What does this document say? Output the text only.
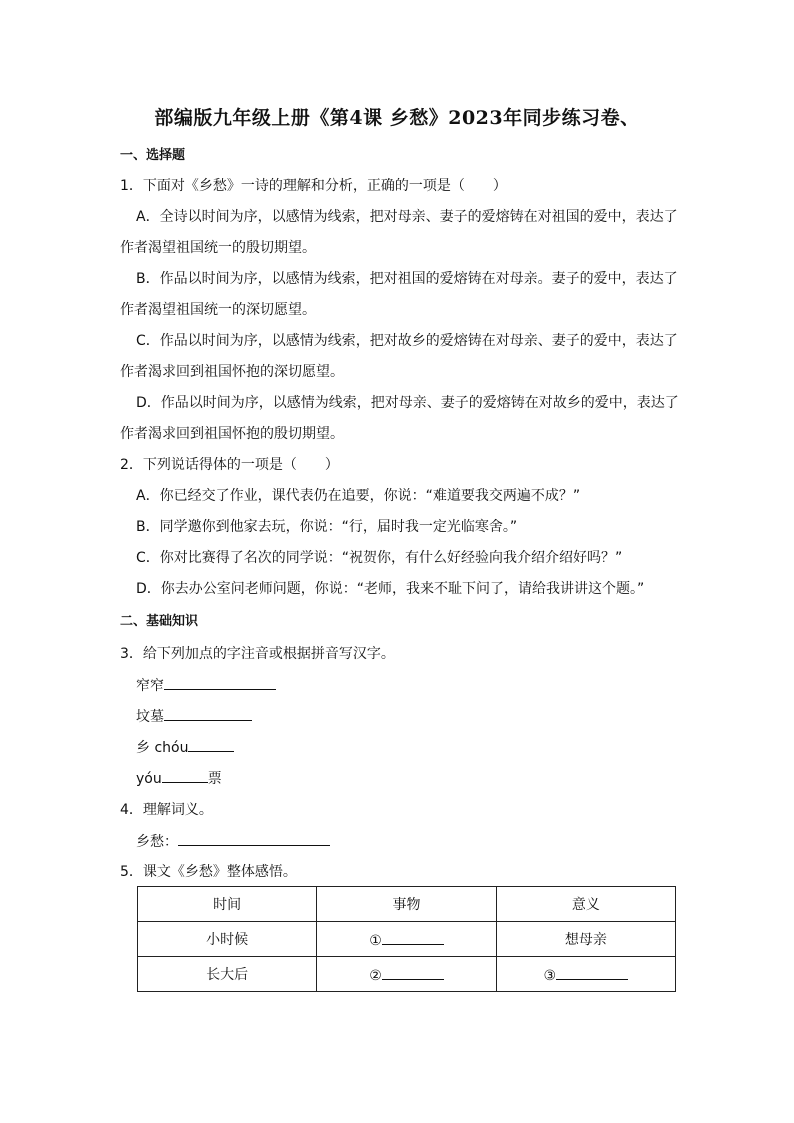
部编版九年级上册《第4课 乡愁》2023年同步练习卷、
一、选择题
1．下面对《乡愁》一诗的理解和分析，正确的一项是（　　）
A．全诗以时间为序，以感情为线索，把对母亲、妻子的爱熔铸在对祖国的爱中，表达了
作者渴望祖国统一的殷切期望。
B．作品以时间为序，以感情为线索，把对祖国的爱熔铸在对母亲。妻子的爱中，表达了
作者渴望祖国统一的深切愿望。
C．作品以时间为序，以感情为线索，把对故乡的爱熔铸在对母亲、妻子的爱中，表达了
作者渴求回到祖国怀抱的深切愿望。
D．作品以时间为序，以感情为线索，把对母亲、妻子的爱熔铸在对故乡的爱中，表达了
作者渴求回到祖国怀抱的殷切期望。
2．下列说话得体的一项是（　　）
A．你已经交了作业，课代表仍在追要，你说：“难道要我交两遍不成？”
B．同学邀你到他家去玩，你说：“行，届时我一定光临寒舍。”
C．你对比赛得了名次的同学说：“祝贺你，有什么好经验向我介绍介绍好吗？”
D．你去办公室问老师问题，你说：“老师，我来不耻下问了，请给我讲讲这个题。”
二、基础知识
3．给下列加点的字注音或根据拼音写汉字。
窄窄
坟墓
乡 chóu
yóu	票
4．理解词义。
乡愁：
5．课文《乡愁》整体感悟。
时间	事物	意义
小时候	①	想母亲
长大后	②	③
